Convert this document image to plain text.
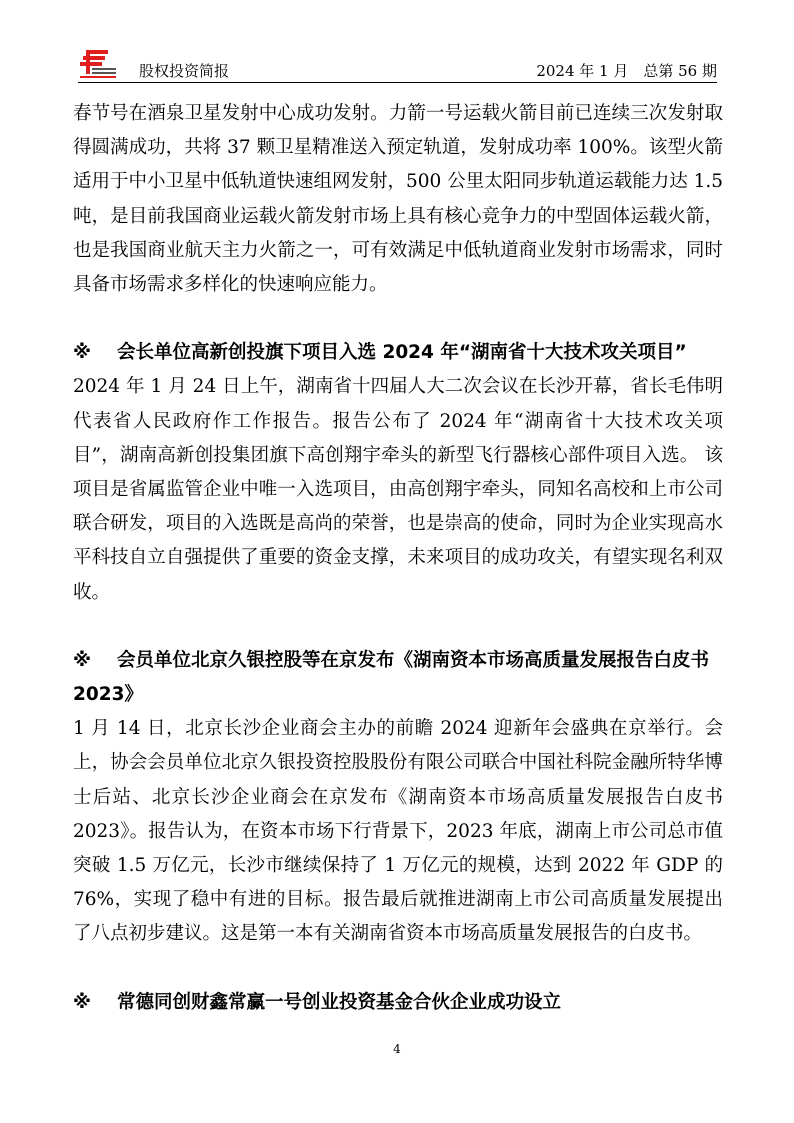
股权投资简报	2024 年 1 月　总第 56 期

春节号在酒泉卫星发射中心成功发射。力箭一号运载火箭目前已连续三次发射取得圆满成功，共将 37 颗卫星精准送入预定轨道，发射成功率 100%。该型火箭适用于中小卫星中低轨道快速组网发射，500 公里太阳同步轨道运载能力达 1.5 吨，是目前我国商业运载火箭发射市场上具有核心竞争力的中型固体运载火箭，也是我国商业航天主力火箭之一，可有效满足中低轨道商业发射市场需求，同时具备市场需求多样化的快速响应能力。

※ 会长单位高新创投旗下项目入选 2024 年“湖南省十大技术攻关项目”

2024 年 1 月 24 日上午，湖南省十四届人大二次会议在长沙开幕，省长毛伟明代表省人民政府作工作报告。报告公布了 2024 年“湖南省十大技术攻关项目”，湖南高新创投集团旗下高创翔宇牵头的新型飞行器核心部件项目入选。 该项目是省属监管企业中唯一入选项目，由高创翔宇牵头，同知名高校和上市公司联合研发，项目的入选既是高尚的荣誉，也是崇高的使命，同时为企业实现高水平科技自立自强提供了重要的资金支撑，未来项目的成功攻关，有望实现名利双收。

※ 会员单位北京久银控股等在京发布《湖南资本市场高质量发展报告白皮书 2023》

1 月 14 日，北京长沙企业商会主办的前瞻 2024 迎新年会盛典在京举行。会上，协会会员单位北京久银投资控股股份有限公司联合中国社科院金融所特华博士后站、北京长沙企业商会在京发布《湖南资本市场高质量发展报告白皮书 2023》。报告认为，在资本市场下行背景下，2023 年底，湖南上市公司总市值突破 1.5 万亿元，长沙市继续保持了 1 万亿元的规模，达到 2022 年 GDP 的 76%，实现了稳中有进的目标。报告最后就推进湖南上市公司高质量发展提出了八点初步建议。这是第一本有关湖南省资本市场高质量发展报告的白皮书。

※ 常德同创财鑫常赢一号创业投资基金合伙企业成功设立

4
